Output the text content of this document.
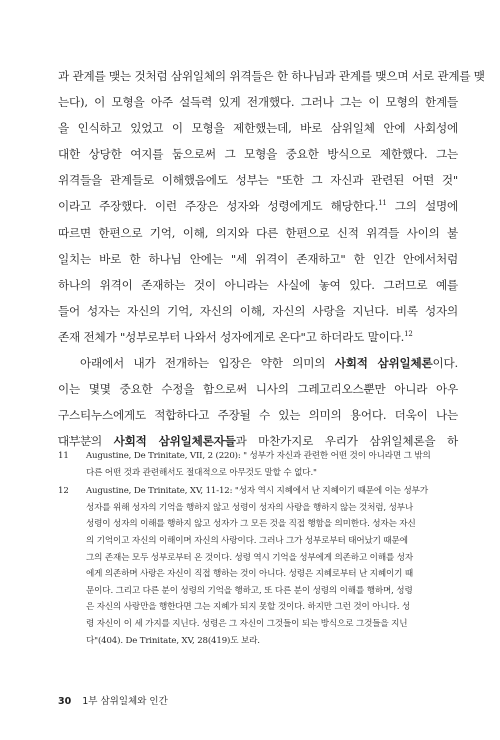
과 관계를 맺는 것처럼 삼위일체의 위격들은 한 하나님과 관계를 맺으며 서로 관계를 맺
는다), 이 모형을 아주 설득력 있게 전개했다. 그러나 그는 이 모형의 한계들
을 인식하고 있었고 이 모형을 제한했는데, 바로 삼위일체 안에 사회성에
대한 상당한 여지를 둠으로써 그 모형을 중요한 방식으로 제한했다. 그는
위격들을 관계들로 이해했음에도 성부는 "또한 그 자신과 관련된 어떤 것"
이라고 주장했다. 이런 주장은 성자와 성령에게도 해당한다.$^{11}$ 그의 설명에
따르면 한편으로 기억, 이해, 의지와 다른 한편으로 신적 위격들 사이의 불
일치는 바로 한 하나님 안에는 "세 위격이 존재하고" 한 인간 안에서처럼
하나의 위격이 존재하는 것이 아니라는 사실에 놓여 있다. 그러므로 예를
들어 성자는 자신의 기억, 자신의 이해, 자신의 사랑을 지닌다. 비록 성자의
존재 전체가 "성부로부터 나와서 성자에게로 온다"고 하더라도 말이다.$^{12}$

아래에서 내가 전개하는 입장은 약한 의미의 사회적 삼위일체론이다.
이는 몇몇 중요한 수정을 함으로써 니사의 그레고리오스뿐만 아니라 아우
구스티누스에게도 적합하다고 주장될 수 있는 의미의 용어다. 더욱이 나는
대부분의 사회적 삼위일체론자들과 마찬가지로 우리가 삼위일체론을 하

11 Augustine, De Trinitate, VII, 2 (220): " 성부가 자신과 관련한 어떤 것이 아니라면 그 밖의
다른 어떤 것과 관련해서도 절대적으로 아무것도 말할 수 없다."
12 Augustine, De Trinitate, XV, 11-12: "성자 역시 지혜에서 난 지혜이기 때문에 이는 성부가
성자를 위해 성자의 기억을 행하지 않고 성령이 성자의 사랑을 행하지 않는 것처럼, 성부나
성령이 성자의 이해를 행하지 않고 성자가 그 모든 것을 직접 행함을 의미한다. 성자는 자신
의 기억이고 자신의 이해이며 자신의 사랑이다. 그러나 그가 성부로부터 태어났기 때문에
그의 존재는 모두 성부로부터 온 것이다. 성령 역시 기억을 성부에게 의존하고 이해를 성자
에게 의존하며 사랑은 자신이 직접 행하는 것이 아니다. 성령은 지혜로부터 난 지혜이기 때
문이다. 그리고 다른 분이 성령의 기억을 행하고, 또 다른 분이 성령의 이해를 행하며, 성령
은 자신의 사랑만을 행한다면 그는 지혜가 되지 못할 것이다. 하지만 그런 것이 아니다. 성
령 자신이 이 세 가지를 지닌다. 성령은 그 자신이 그것들이 되는 방식으로 그것들을 지닌
다"(404). De Trinitate, XV, 28(419)도 보라.
30 1부 삼위일체와 인간
